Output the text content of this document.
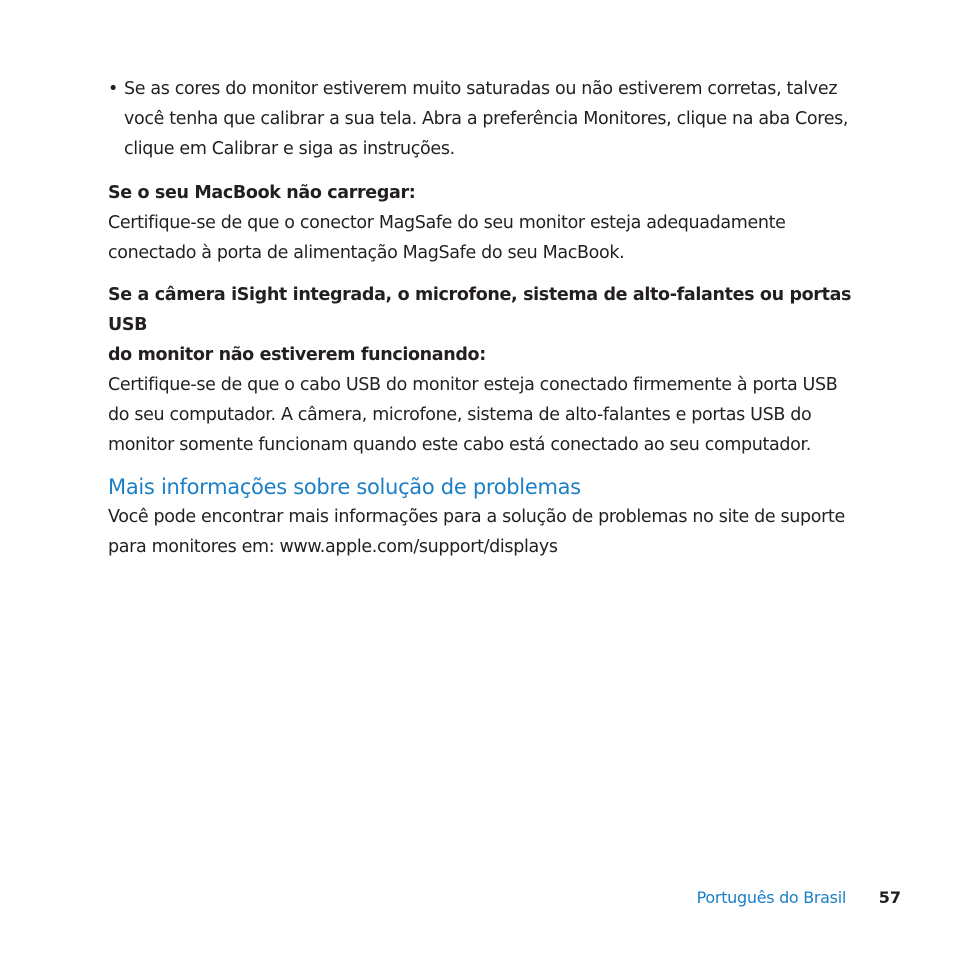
• Se as cores do monitor estiverem muito saturadas ou não estiverem corretas, talvez
você tenha que calibrar a sua tela. Abra a preferência Monitores, clique na aba Cores,
clique em Calibrar e siga as instruções.
Se o seu MacBook não carregar:
Certifique-se de que o conector MagSafe do seu monitor esteja adequadamente
conectado à porta de alimentação MagSafe do seu MacBook.
Se a câmera iSight integrada, o microfone, sistema de alto-falantes ou portas USB
do monitor não estiverem funcionando:
Certifique-se de que o cabo USB do monitor esteja conectado firmemente à porta USB
do seu computador. A câmera, microfone, sistema de alto-falantes e portas USB do
monitor somente funcionam quando este cabo está conectado ao seu computador.
Mais informações sobre solução de problemas
Você pode encontrar mais informações para a solução de problemas no site de suporte
para monitores em: www.apple.com/support/displays
Português do Brasil 57
